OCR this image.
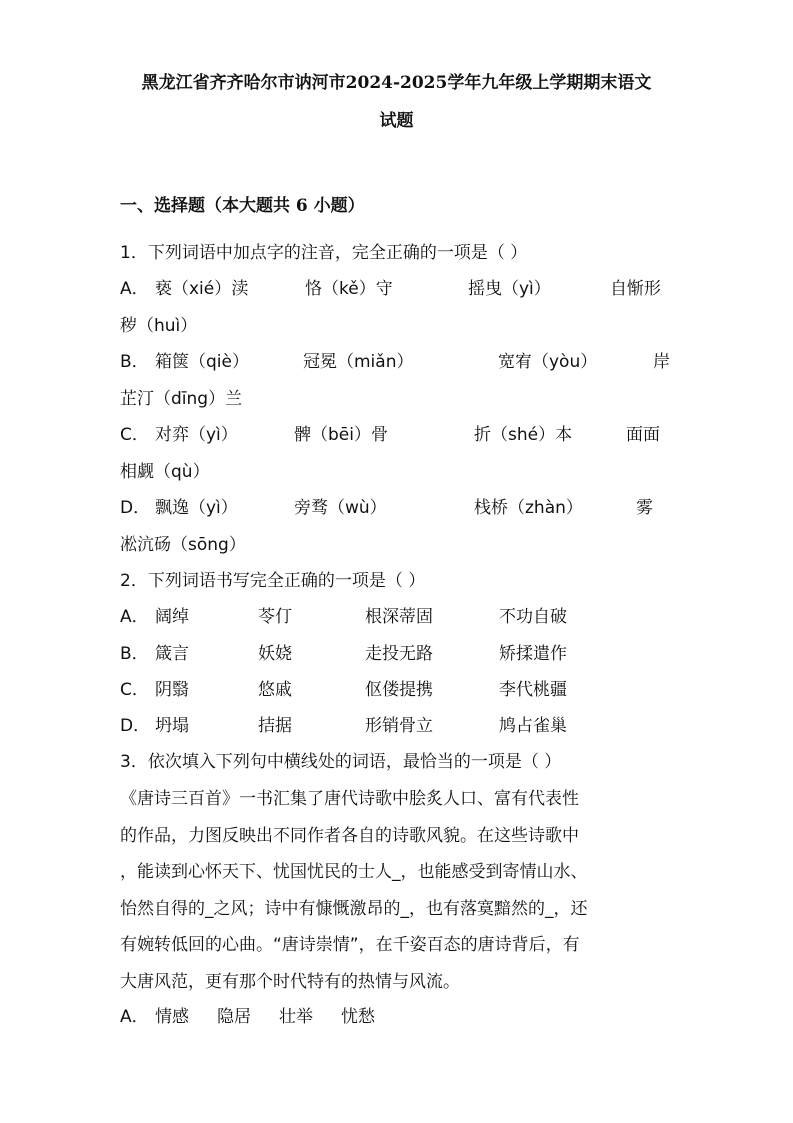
黑龙江省齐齐哈尔市讷河市2024-2025学年九年级上学期期末语文
试题
一、选择题（本大题共 6 小题）
1．下列词语中加点字的注音，完全正确的一项是（ ）
A． 亵（xié）渎	恪（kě）守	摇曳（yì）	自惭形
秽（huì）
B． 箱箧（qiè）	冠冕（miǎn）	宽宥（yòu）	岸
芷汀（dīng）兰
C． 对弈（yì）	髀（bēi）骨	折（shé）本	面面
相觑（qù）
D． 飘逸（yì）	旁骛（wù）	栈桥（zhàn）	雾
凇沆砀（sōng）
2．下列词语书写完全正确的一项是（ ）
A． 阔绰	苓仃	根深蒂固	不功自破
B． 箴言	妖娆	走投无路	矫揉遣作
C． 阴翳	悠戚	伛偻提携	李代桃疆
D． 坍塌	拮据	形销骨立	鸠占雀巢
3．依次填入下列句中横线处的词语，最恰当的一项是（ ）
《唐诗三百首》一书汇集了唐代诗歌中脍炙人口、富有代表性
的作品，力图反映出不同作者各自的诗歌风貌。在这些诗歌中
，能读到心怀天下、忧国忧民的士人_，也能感受到寄情山水、
怡然自得的_之风；诗中有慷慨激昂的_，也有落寞黯然的_，还
有婉转低回的心曲。“唐诗崇情”，在千姿百态的唐诗背后，有
大唐风范，更有那个时代特有的热情与风流。
A． 情感 隐居 壮举 忧愁
